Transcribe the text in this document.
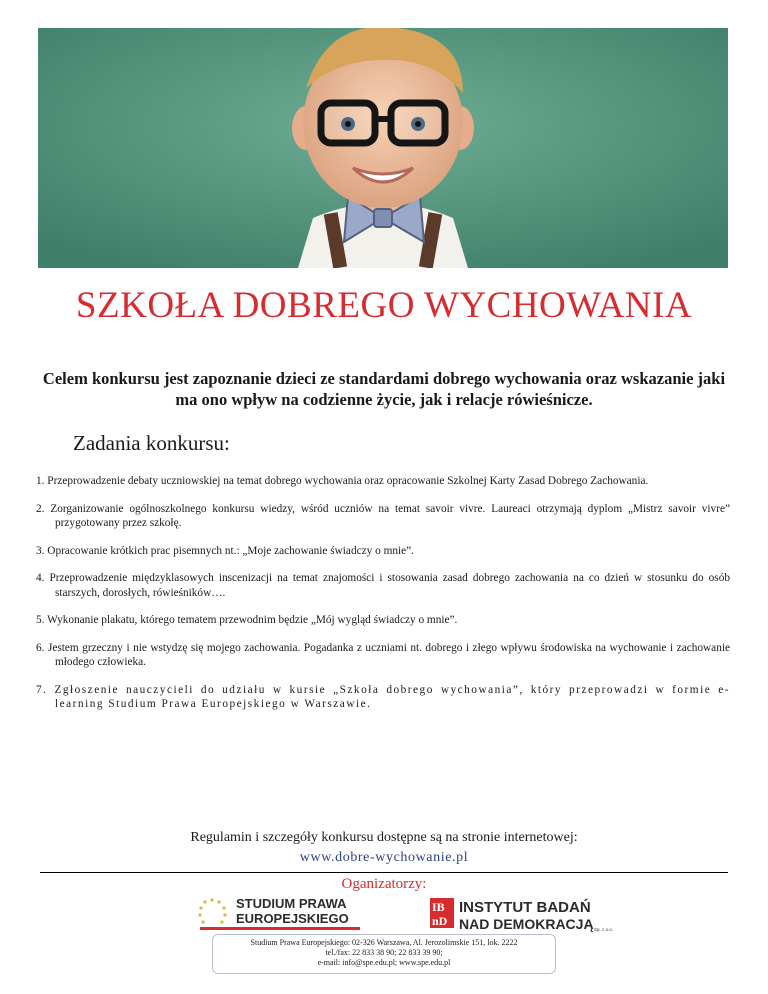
SZKOŁA DOBREGO WYCHOWANIA
Celem konkursu jest zapoznanie dzieci ze standardami dobrego wychowania oraz wskazanie jaki ma ono wpływ na codzienne życie, jak i relacje rówieśnicze.
Zadania konkursu:
1. Przeprowadzenie debaty uczniowskiej na temat dobrego wychowania oraz opracowanie Szkolnej Karty Zasad Dobrego Zachowania.
2. Zorganizowanie ogólnoszkolnego konkursu wiedzy, wśród uczniów na temat savoir vivre. Laureaci otrzymają dyplom „Mistrz savoir vivre” przygotowany przez szkołę.
3. Opracowanie krótkich prac pisemnych nt.: „Moje zachowanie świadczy o mnie”.
4. Przeprowadzenie międzyklasowych inscenizacji na temat znajomości i stosowania zasad dobrego zachowania na co dzień w stosunku do osób starszych, dorosłych, rówieśników….
5. Wykonanie plakatu, którego tematem przewodnim będzie „Mój wygląd świadczy o mnie”.
6. Jestem grzeczny i nie wstydzę się mojego zachowania. Pogadanka z uczniami nt. dobrego i złego wpływu środowiska na wychowanie i zachowanie młodego człowieka.
7. Zgłoszenie nauczycieli do udziału w kursie „Szkoła dobrego wychowania”, który przeprowadzi w formie e-learning Studium Prawa Europejskiego w Warszawie.
Regulamin i szczegóły konkursu dostępne są na stronie internetowej:
www.dobre-wychowanie.pl
Oganizatorzy:
STUDIUM PRAWA
EUROPEJSKIEGO
IB
nD
INSTYTUT BADAŃ
NAD DEMOKRACJĄ Sp. z o.o.
Studium Prawa Europejskiego: 02-326 Warszawa, Al. Jerozolimskie 151, lok. 2222
tel./fax: 22 833 38 90; 22 833 39 90;
e-mail: info@spe.edu.pl; www.spe.edu.pl
